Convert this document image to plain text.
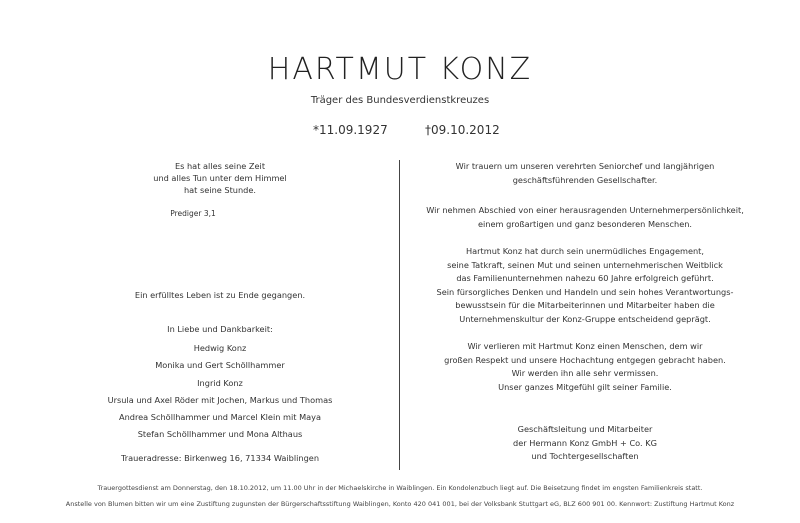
HARTMUT KONZ
Träger des Bundesverdienstkreuzes
*11.09.1927	†09.10.2012
Es hat alles seine Zeit
und alles Tun unter dem Himmel
hat seine Stunde.
Prediger 3,1
Ein erfülltes Leben ist zu Ende gegangen.
In Liebe und Dankbarkeit:
Hedwig Konz
Monika und Gert Schöllhammer
Ingrid Konz
Ursula und Axel Röder mit Jochen, Markus und Thomas
Andrea Schöllhammer und Marcel Klein mit Maya
Stefan Schöllhammer und Mona Althaus
Traueradresse: Birkenweg 16, 71334 Waiblingen
Wir trauern um unseren verehrten Seniorchef und langjährigen
geschäftsführenden Gesellschafter.
Wir nehmen Abschied von einer herausragenden Unternehmerpersönlichkeit,
einem großartigen und ganz besonderen Menschen.
Hartmut Konz hat durch sein unermüdliches Engagement,
seine Tatkraft, seinen Mut und seinen unternehmerischen Weitblick
das Familienunternehmen nahezu 60 Jahre erfolgreich geführt.
Sein fürsorgliches Denken und Handeln und sein hohes Verantwortungs-
bewusstsein für die Mitarbeiterinnen und Mitarbeiter haben die
Unternehmenskultur der Konz-Gruppe entscheidend geprägt.
Wir verlieren mit Hartmut Konz einen Menschen, dem wir
großen Respekt und unsere Hochachtung entgegen gebracht haben.
Wir werden ihn alle sehr vermissen.
Unser ganzes Mitgefühl gilt seiner Familie.
Geschäftsleitung und Mitarbeiter
der Hermann Konz GmbH + Co. KG
und Tochtergesellschaften
Trauergottesdienst am Donnerstag, den 18.10.2012, um 11.00 Uhr in der Michaelskirche in Waiblingen. Ein Kondolenzbuch liegt auf. Die Beisetzung findet im engsten Familienkreis statt.
Anstelle von Blumen bitten wir um eine Zustiftung zugunsten der Bürgerschaftsstiftung Waiblingen, Konto 420 041 001, bei der Volksbank Stuttgart eG, BLZ 600 901 00. Kennwort: Zustiftung Hartmut Konz
